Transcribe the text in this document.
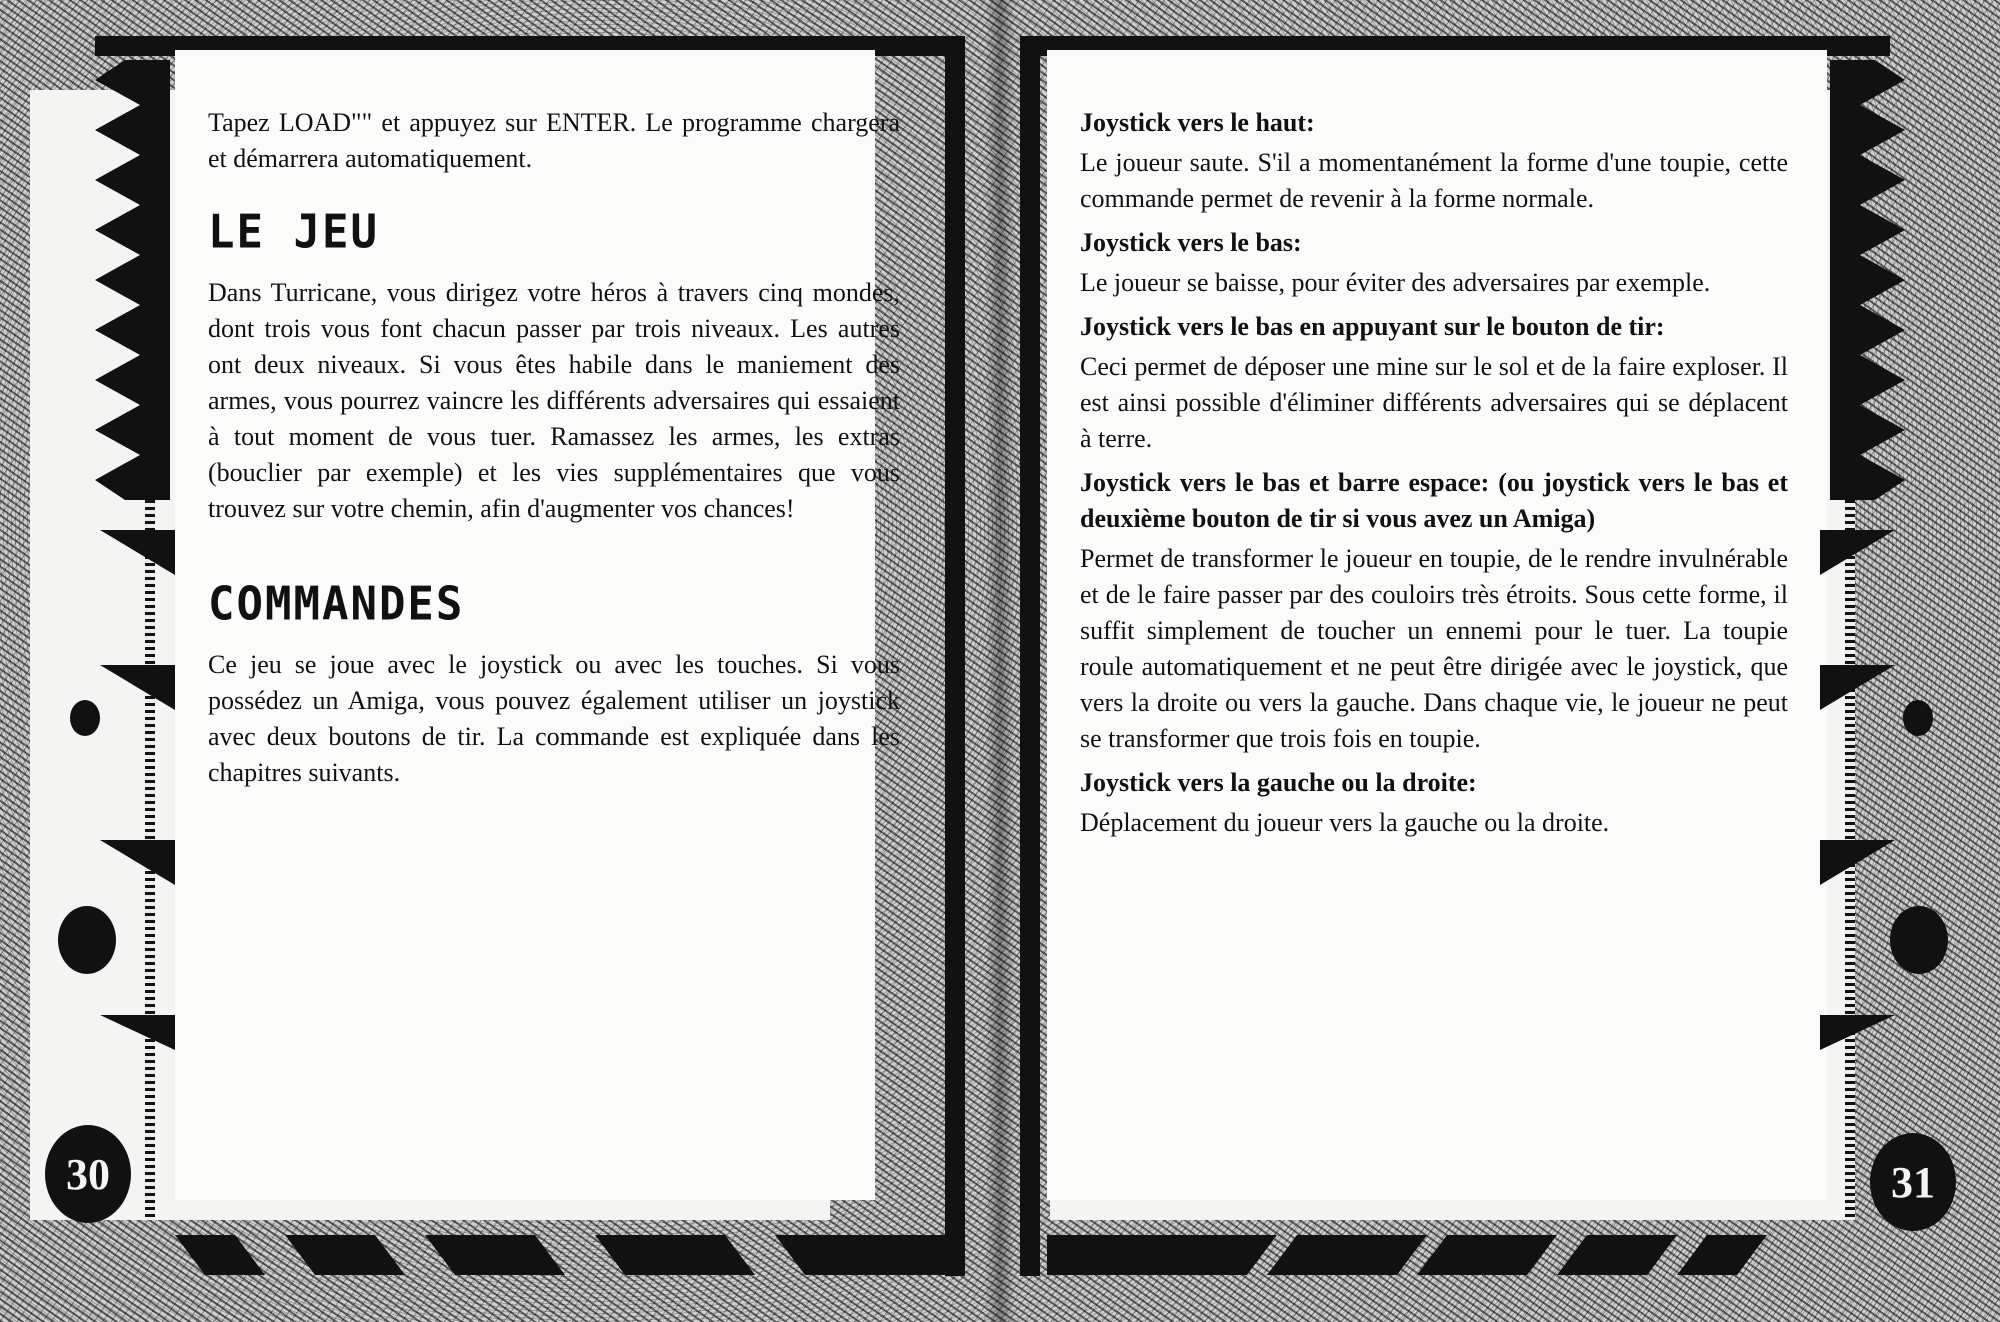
30

Tapez LOAD"" et appuyez sur ENTER. Le programme chargera et démarrera automatiquement.

LE JEU

Dans Turricane, vous dirigez votre héros à travers cinq mondes, dont trois vous font chacun passer par trois niveaux. Les autres ont deux niveaux. Si vous êtes habile dans le maniement des armes, vous pourrez vaincre les différents adversaires qui essaient à tout moment de vous tuer. Ramassez les armes, les extras (bouclier par exemple) et les vies supplémentaires que vous trouvez sur votre chemin, afin d'augmenter vos chances!

COMMANDES

Ce jeu se joue avec le joystick ou avec les touches. Si vous possédez un Amiga, vous pouvez également utiliser un joystick avec deux boutons de tir. La commande est expliquée dans les chapitres suivants.

31
Joystick vers le haut:

Le joueur saute. S'il a momentanément la forme d'une toupie, cette commande permet de revenir à la forme normale.

Joystick vers le bas:

Le joueur se baisse, pour éviter des adversaires par exemple.

Joystick vers le bas en appuyant sur le bouton de tir:

Ceci permet de déposer une mine sur le sol et de la faire exploser. Il est ainsi possible d'éliminer différents adversaires qui se déplacent à terre.

Joystick vers le bas et barre espace: (ou joystick vers le bas et deuxième bouton de tir si vous avez un Amiga)

Permet de transformer le joueur en toupie, de le rendre invulnérable et de le faire passer par des couloirs très étroits. Sous cette forme, il suffit simplement de toucher un ennemi pour le tuer. La toupie roule automatiquement et ne peut être dirigée avec le joystick, que vers la droite ou vers la gauche. Dans chaque vie, le joueur ne peut se transformer que trois fois en toupie.

Joystick vers la gauche ou la droite:

Déplacement du joueur vers la gauche ou la droite.
